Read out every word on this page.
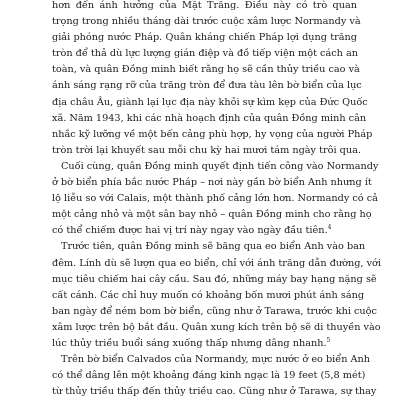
hơn đến ánh hưởng của Mặt Trăng. Điều này có trò quan
trọng trong nhiều tháng dài trước cuộc xâm lược Normandy và
giải phóng nước Pháp. Quân kháng chiến Pháp lợi dụng trăng
tròn để thả dù lực lượng gián điệp và đồ tiếp viện một cách an
toàn, và quân Đồng minh biết rằng họ sẽ cần thủy triều cao và
ánh sáng rạng rỡ của trăng tròn để đưa tàu lên bờ biển của lục
địa châu Âu, giành lại lục địa này khỏi sự kìm kẹp của Đức Quốc
xã. Năm 1943, khi các nhà hoạch định của quân Đồng minh cân
nhắc kỹ lưỡng về một bến cảng phù hợp, hy vọng của người Pháp
tròn trời lại khuyết sau mỗi chu kỳ hai mươi tám ngày trôi qua.

Cuối cùng, quân Đồng minh quyết định tiến công vào Normandy
ở bờ biển phía bắc nước Pháp – nơi này gần bờ biển Anh nhưng ít
lộ liễu so với Calais, một thành phố cảng lớn hơn. Normandy có cả
một cảng nhỏ và một sân bay nhỏ – quân Đồng minh cho rằng họ
có thể chiếm được hai vị trí này ngay vào ngày đầu tiên.$^4$

Trước tiên, quân Đồng minh sẽ băng qua eo biển Anh vào ban
đêm. Lính dù sẽ lượn qua eo biển, chỉ với ánh trăng dẫn đường, với
mục tiêu chiếm hai cây cầu. Sau đó, những máy bay hạng nặng sẽ
cất cánh. Các chỉ huy muốn có khoảng bốn mươi phút ánh sáng
ban ngày để ném bom bờ biển, cũng như ở Tarawa, trước khi cuộc
xâm lược trên bộ bắt đầu. Quân xung kích trên bộ sẽ di thuyền vào
lúc thủy triều buổi sáng xuống thấp nhưng dâng nhanh.$^5$

Trên bờ biển Calvados của Normandy, mực nước ở eo biển Anh
có thể dâng lên một khoảng đáng kinh ngạc là 19 feet (5,8 mét)
từ thủy triều thấp đến thủy triều cao. Cũng như ở Tarawa, sự thay
